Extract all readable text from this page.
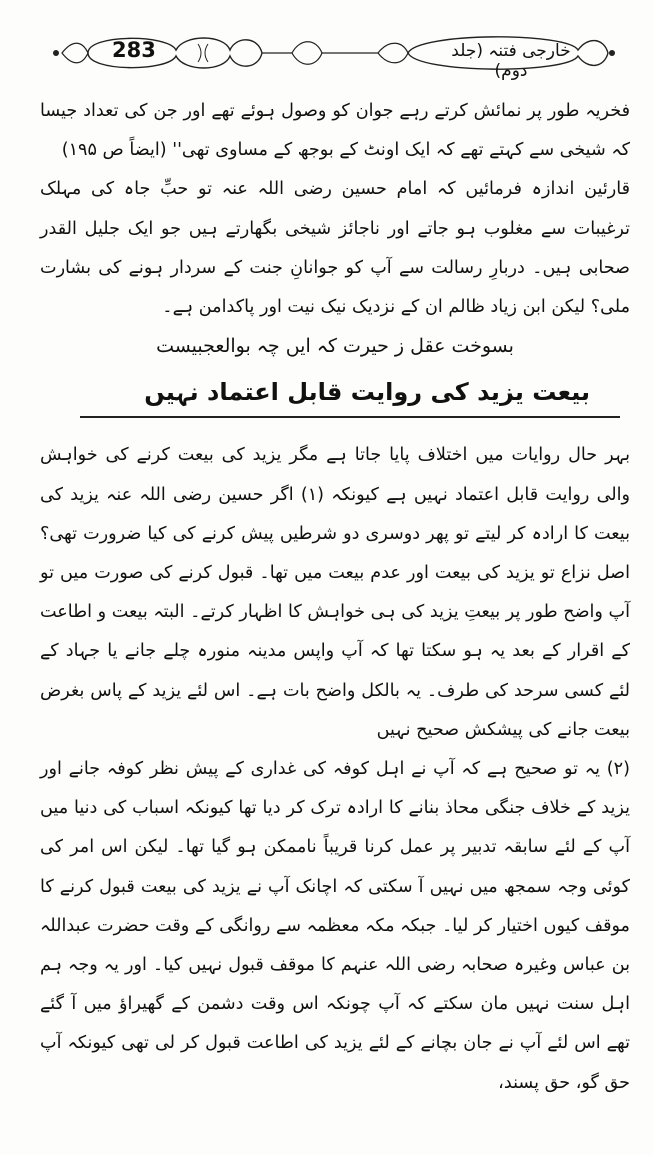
283	خارجی فتنہ (جلد دوم)

فخریہ طور پر نمائش کرتے رہے جوان کو وصول ہوئے تھے اور جن کی تعداد جیسا کہ شیخی سے کہتے تھے کہ ایک اونٹ کے بوجھ کے مساوی تھی'' (ایضاً ص ۱۹۵)

قارئین اندازہ فرمائیں کہ امام حسین رضی اللہ عنہ تو حبِّ جاہ کی مہلک ترغیبات سے مغلوب ہو جاتے اور ناجائز شیخی بگھارتے ہیں جو ایک جلیل القدر صحابی ہیں۔ دربارِ رسالت سے آپ کو جوانانِ جنت کے سردار ہونے کی بشارت ملی؟ لیکن ابن زیاد ظالم ان کے نزدیک نیک نیت اور پاکدامن ہے۔

بسوخت عقل ز حیرت کہ ایں چہ بوالعجبیست

بیعت یزید کی روایت قابل اعتماد نہیں

بہر حال روایات میں اختلاف پایا جاتا ہے مگر یزید کی بیعت کرنے کی خواہش والی روایت قابل اعتماد نہیں ہے کیونکہ (۱) اگر حسین رضی اللہ عنہ یزید کی بیعت کا ارادہ کر لیتے تو پھر دوسری دو شرطیں پیش کرنے کی کیا ضرورت تھی؟ اصل نزاع تو یزید کی بیعت اور عدم بیعت میں تھا۔ قبول کرنے کی صورت میں تو آپ واضح طور پر بیعتِ یزید کی ہی خواہش کا اظہار کرتے۔ البتہ بیعت و اطاعت کے اقرار کے بعد یہ ہو سکتا تھا کہ آپ واپس مدینہ منورہ چلے جانے یا جہاد کے لئے کسی سرحد کی طرف۔ یہ بالکل واضح بات ہے۔ اس لئے یزید کے پاس بغرض بیعت جانے کی پیشکش صحیح نہیں

(۲) یہ تو صحیح ہے کہ آپ نے اہل کوفہ کی غداری کے پیش نظر کوفہ جانے اور یزید کے خلاف جنگی محاذ بنانے کا ارادہ ترک کر دیا تھا کیونکہ اسباب کی دنیا میں آپ کے لئے سابقہ تدبیر پر عمل کرنا قریباً ناممکن ہو گیا تھا۔ لیکن اس امر کی کوئی وجہ سمجھ میں نہیں آ سکتی کہ اچانک آپ نے یزید کی بیعت قبول کرنے کا موقف کیوں اختیار کر لیا۔ جبکہ مکہ معظمہ سے روانگی کے وقت حضرت عبداللہ بن عباس وغیرہ صحابہ رضی اللہ عنہم کا موقف قبول نہیں کیا۔ اور یہ وجہ ہم اہل سنت نہیں مان سکتے کہ آپ چونکہ اس وقت دشمن کے گھیراؤ میں آ گئے تھے اس لئے آپ نے جان بچانے کے لئے یزید کی اطاعت قبول کر لی تھی کیونکہ آپ حق گو، حق پسند،
